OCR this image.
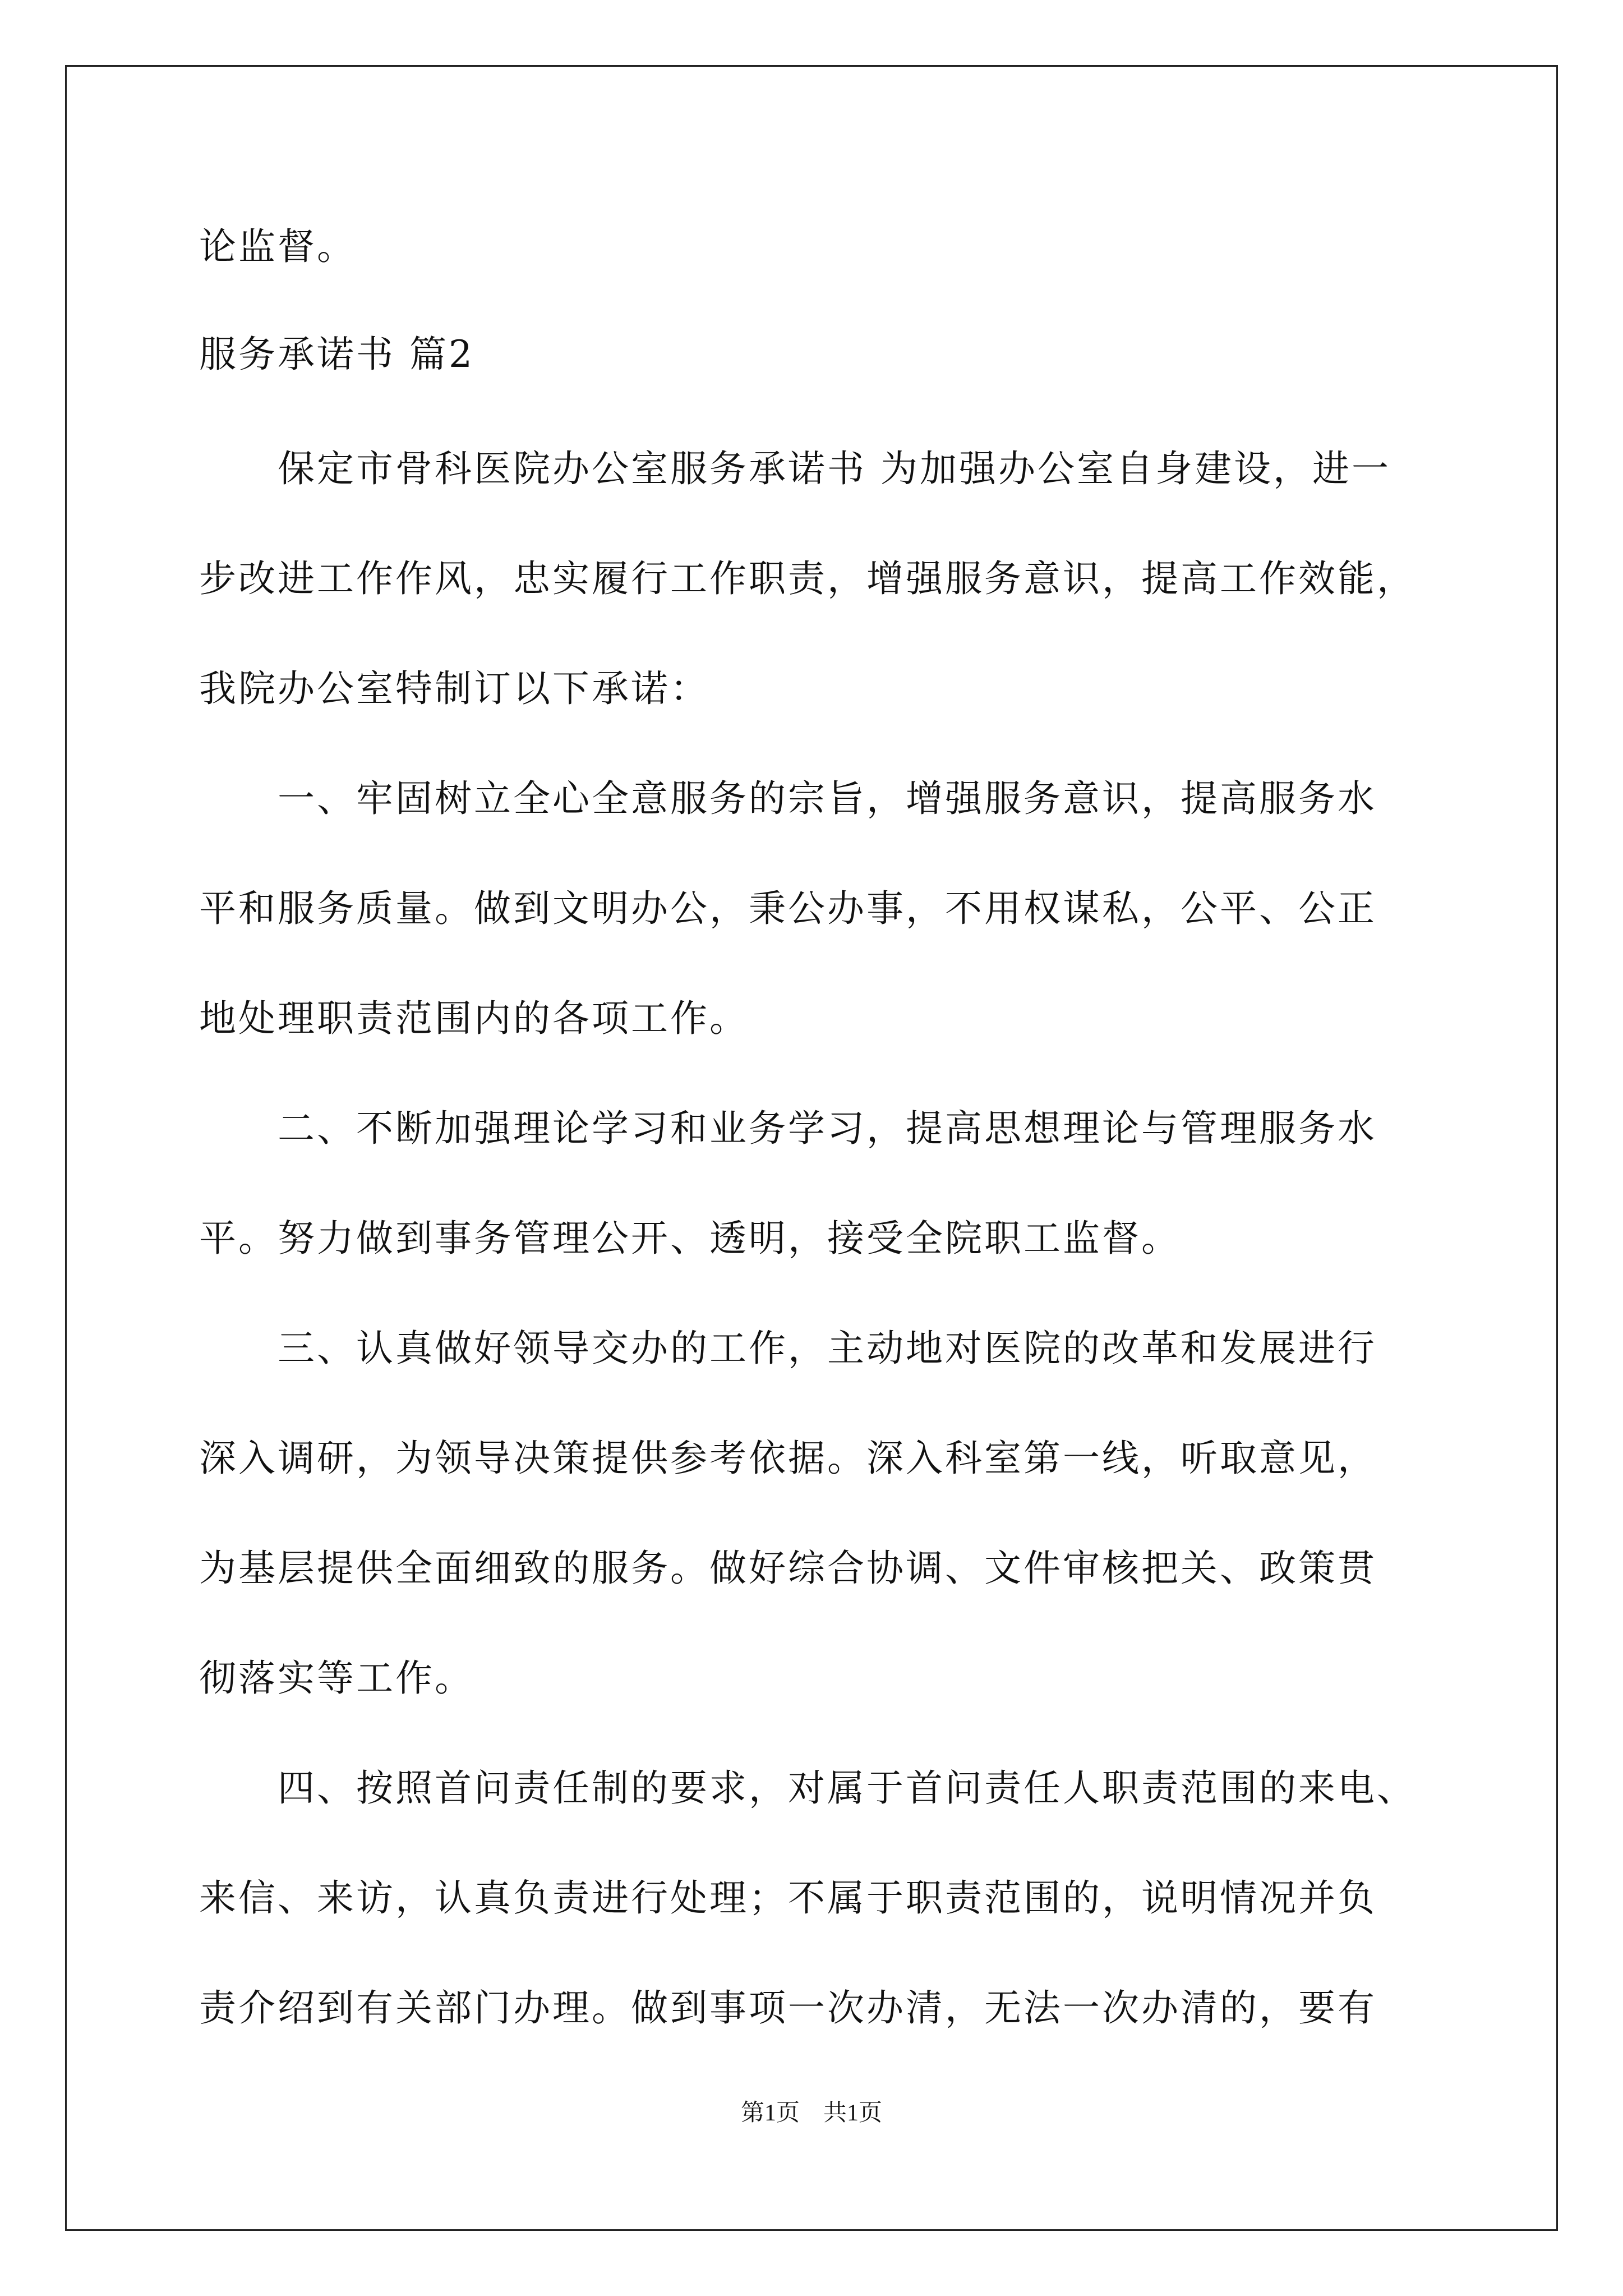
论监督。
服务承诺书 篇2
　　保定市骨科医院办公室服务承诺书 为加强办公室自身建设，进一
步改进工作作风，忠实履行工作职责，增强服务意识，提高工作效能，
我院办公室特制订以下承诺：
　　一、牢固树立全心全意服务的宗旨，增强服务意识，提高服务水
平和服务质量。做到文明办公，秉公办事，不用权谋私，公平、公正
地处理职责范围内的各项工作。
　　二、不断加强理论学习和业务学习，提高思想理论与管理服务水
平。努力做到事务管理公开、透明，接受全院职工监督。
　　三、认真做好领导交办的工作，主动地对医院的改革和发展进行
深入调研，为领导决策提供参考依据。深入科室第一线，听取意见，
为基层提供全面细致的服务。做好综合协调、文件审核把关、政策贯
彻落实等工作。
　　四、按照首问责任制的要求，对属于首问责任人职责范围的来电、
来信、来访，认真负责进行处理；不属于职责范围的，说明情况并负
责介绍到有关部门办理。做到事项一次办清，无法一次办清的，要有
第1页　共1页
